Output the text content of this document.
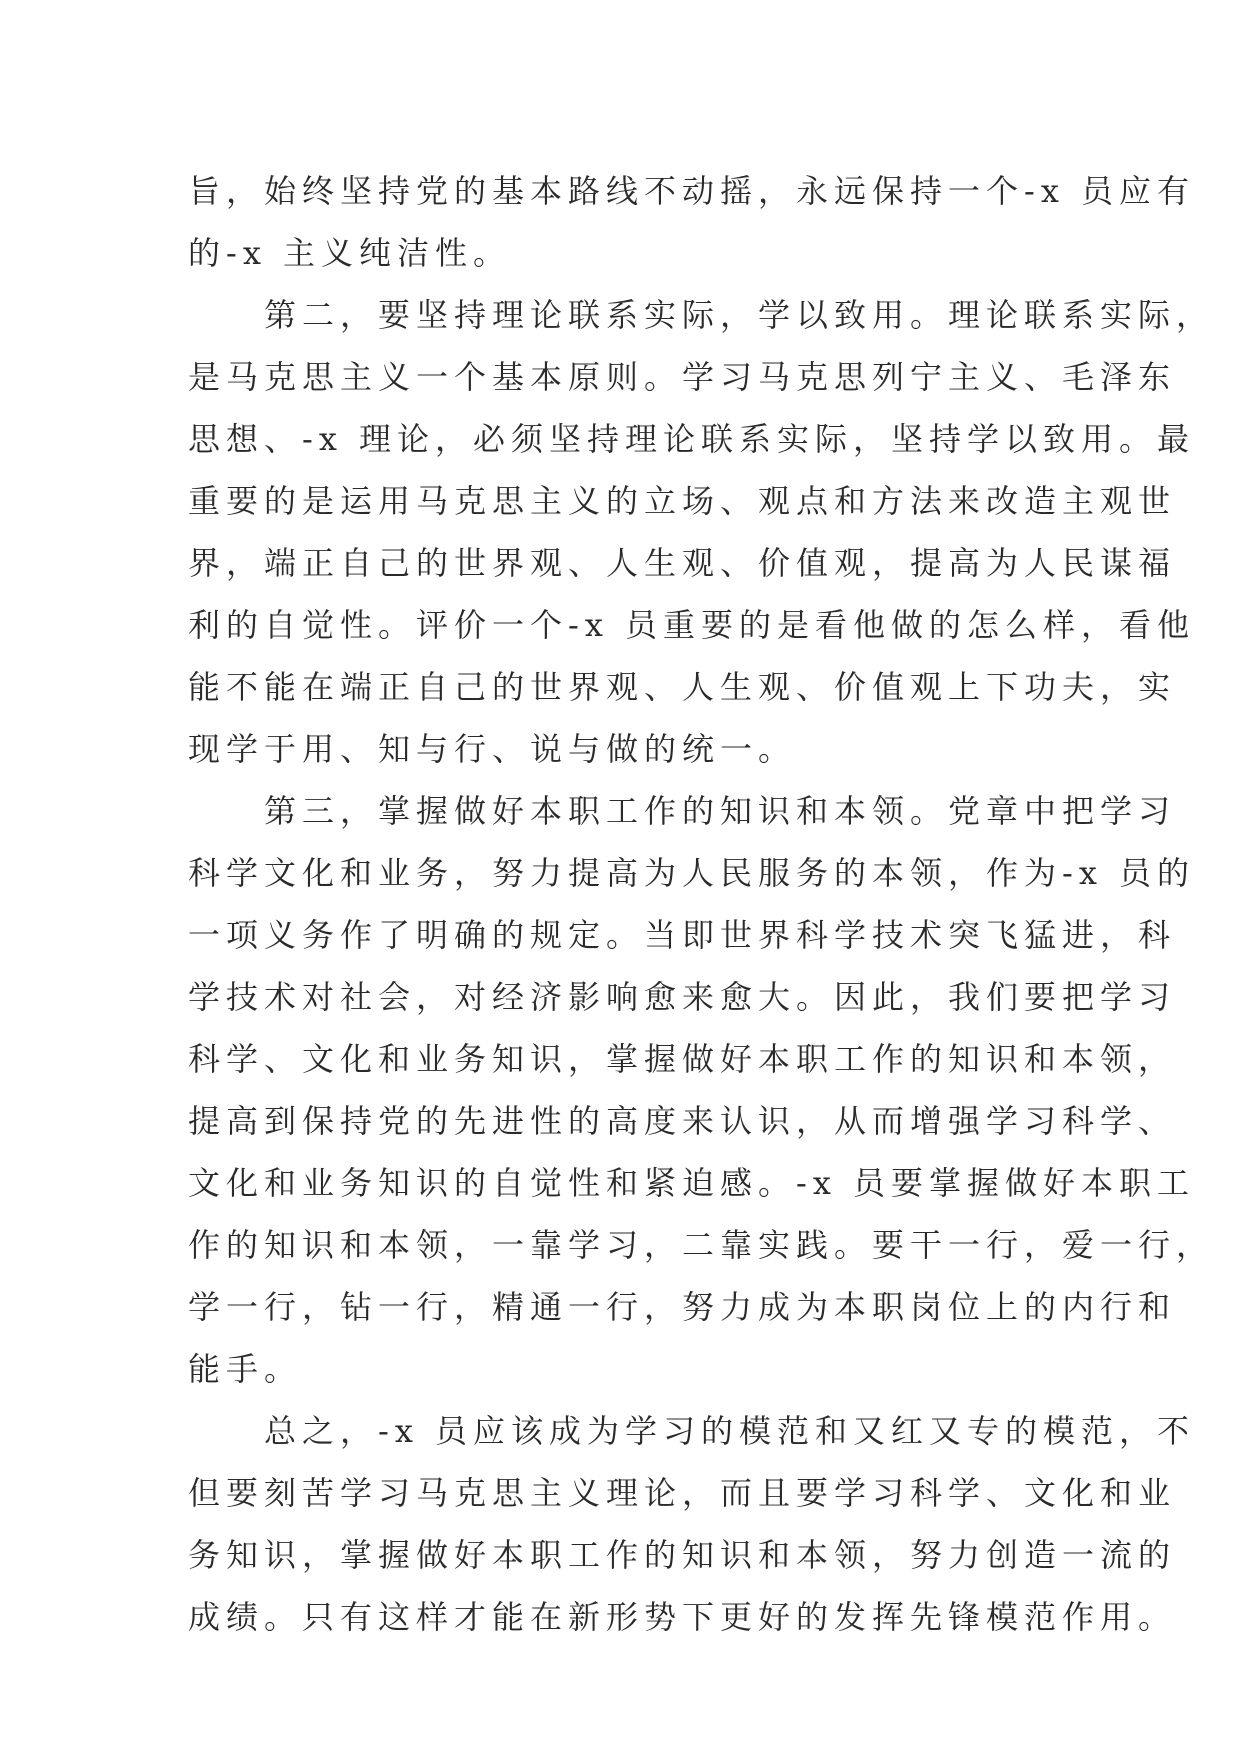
旨，始终坚持党的基本路线不动摇，永远保持一个-x 员应有
的-x 主义纯洁性。
第二，要坚持理论联系实际，学以致用。理论联系实际，
是马克思主义一个基本原则。学习马克思列宁主义、毛泽东
思想、-x 理论，必须坚持理论联系实际，坚持学以致用。最
重要的是运用马克思主义的立场、观点和方法来改造主观世
界，端正自己的世界观、人生观、价值观，提高为人民谋福
利的自觉性。评价一个-x 员重要的是看他做的怎么样，看他
能不能在端正自己的世界观、人生观、价值观上下功夫，实
现学于用、知与行、说与做的统一。
第三，掌握做好本职工作的知识和本领。党章中把学习
科学文化和业务，努力提高为人民服务的本领，作为-x 员的
一项义务作了明确的规定。当即世界科学技术突飞猛进，科
学技术对社会，对经济影响愈来愈大。因此，我们要把学习
科学、文化和业务知识，掌握做好本职工作的知识和本领，
提高到保持党的先进性的高度来认识，从而增强学习科学、
文化和业务知识的自觉性和紧迫感。-x 员要掌握做好本职工
作的知识和本领，一靠学习，二靠实践。要干一行，爱一行，
学一行，钻一行，精通一行，努力成为本职岗位上的内行和
能手。
总之，-x 员应该成为学习的模范和又红又专的模范，不
但要刻苦学习马克思主义理论，而且要学习科学、文化和业
务知识，掌握做好本职工作的知识和本领，努力创造一流的
成绩。只有这样才能在新形势下更好的发挥先锋模范作用。
